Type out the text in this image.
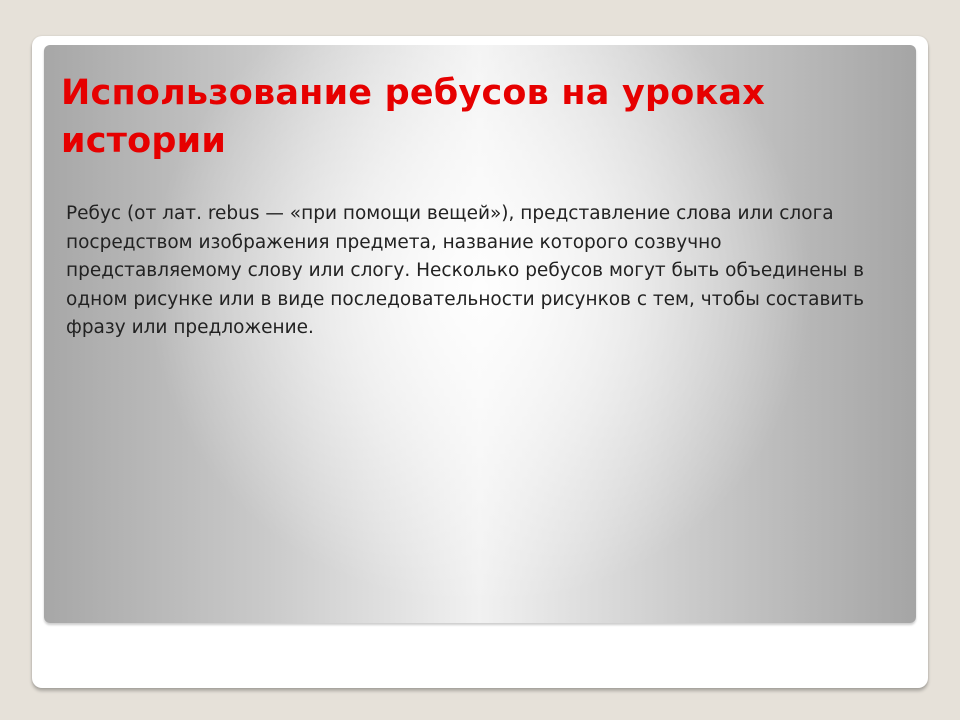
Использование ребусов на уроках истории

Ребус (от лат. rebus — «при помощи вещей»), представление слова или слога посредством изображения предмета, название которого созвучно представляемому слову или слогу. Несколько ребусов могут быть объединены в одном рисунке или в виде последовательности рисунков с тем, чтобы составить фразу или предложение.
